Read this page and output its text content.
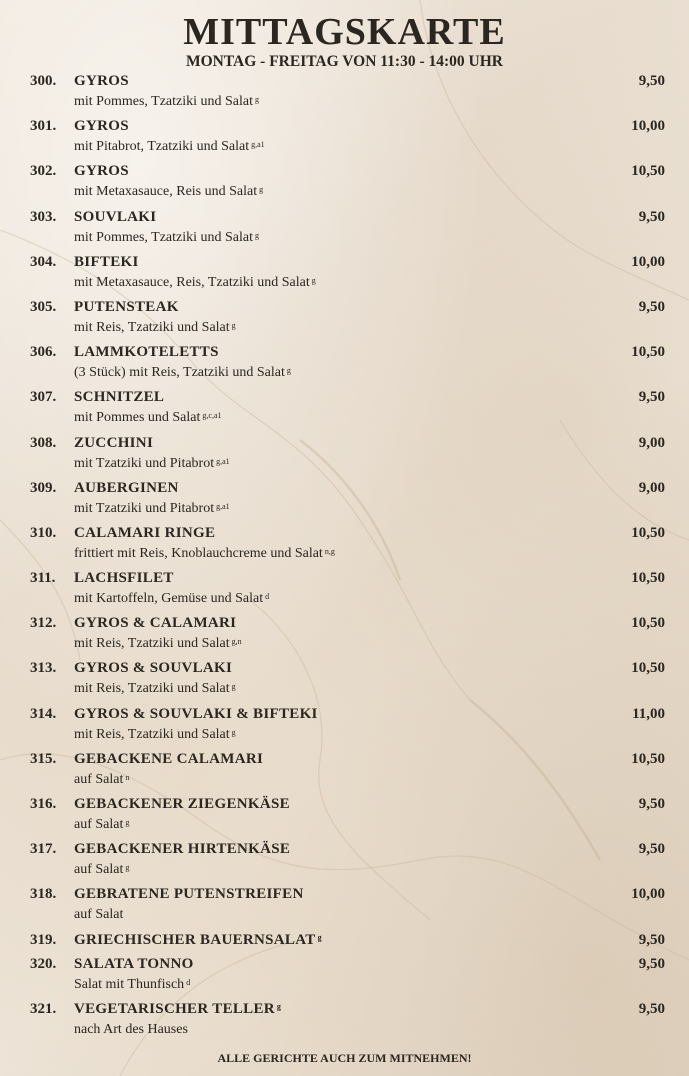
MITTAGSKARTE
MONTAG - FREITAG VON 11:30 - 14:00 UHR
300.	GYROS
mit Pommes, Tzatziki und Salat $^g$
9,50
301.	GYROS
mit Pitabrot, Tzatziki und Salat $^{g,a1}$
10,00
302.	GYROS
mit Metaxasauce, Reis und Salat $^g$
10,50
303.	SOUVLAKI
mit Pommes, Tzatziki und Salat $^g$
9,50
304.	BIFTEKI
mit Metaxasauce, Reis, Tzatziki und Salat $^g$
10,00
305.	PUTENSTEAK
mit Reis, Tzatziki und Salat $^g$
9,50
306.	LAMMKOTELETTS
(3 Stück) mit Reis, Tzatziki und Salat $^g$
10,50
307.	SCHNITZEL
mit Pommes und Salat $^{g,c,a1}$
9,50
308.	ZUCCHINI
mit Tzatziki und Pitabrot $^{g,a1}$
9,00
309.	AUBERGINEN
mit Tzatziki und Pitabrot $^{g,a1}$
9,00
310.	CALAMARI RINGE
frittiert mit Reis, Knoblauchcreme und Salat $^{n,g}$
10,50
311.	LACHSFILET
mit Kartoffeln, Gemüse und Salat $^d$
10,50
312.	GYROS & CALAMARI
mit Reis, Tzatziki und Salat $^{g,n}$
10,50
313.	GYROS & SOUVLAKI
mit Reis, Tzatziki und Salat $^g$
10,50
314.	GYROS & SOUVLAKI & BIFTEKI
mit Reis, Tzatziki und Salat $^g$
11,00
315.	GEBACKENE CALAMARI
auf Salat $^n$
10,50
316.	GEBACKENER ZIEGENKÄSE
auf Salat $^g$
9,50
317.	GEBACKENER HIRTENKÄSE
auf Salat $^g$
9,50
318.	GEBRATENE PUTENSTREIFEN
auf Salat
10,00
319.	GRIECHISCHER BAUERNSALAT $^g$	9,50
320.	SALATA TONNO
Salat mit Thunfisch $^d$
9,50
321.	VEGETARISCHER TELLER $^g$
nach Art des Hauses
9,50
ALLE GERICHTE AUCH ZUM MITNEHMEN!
